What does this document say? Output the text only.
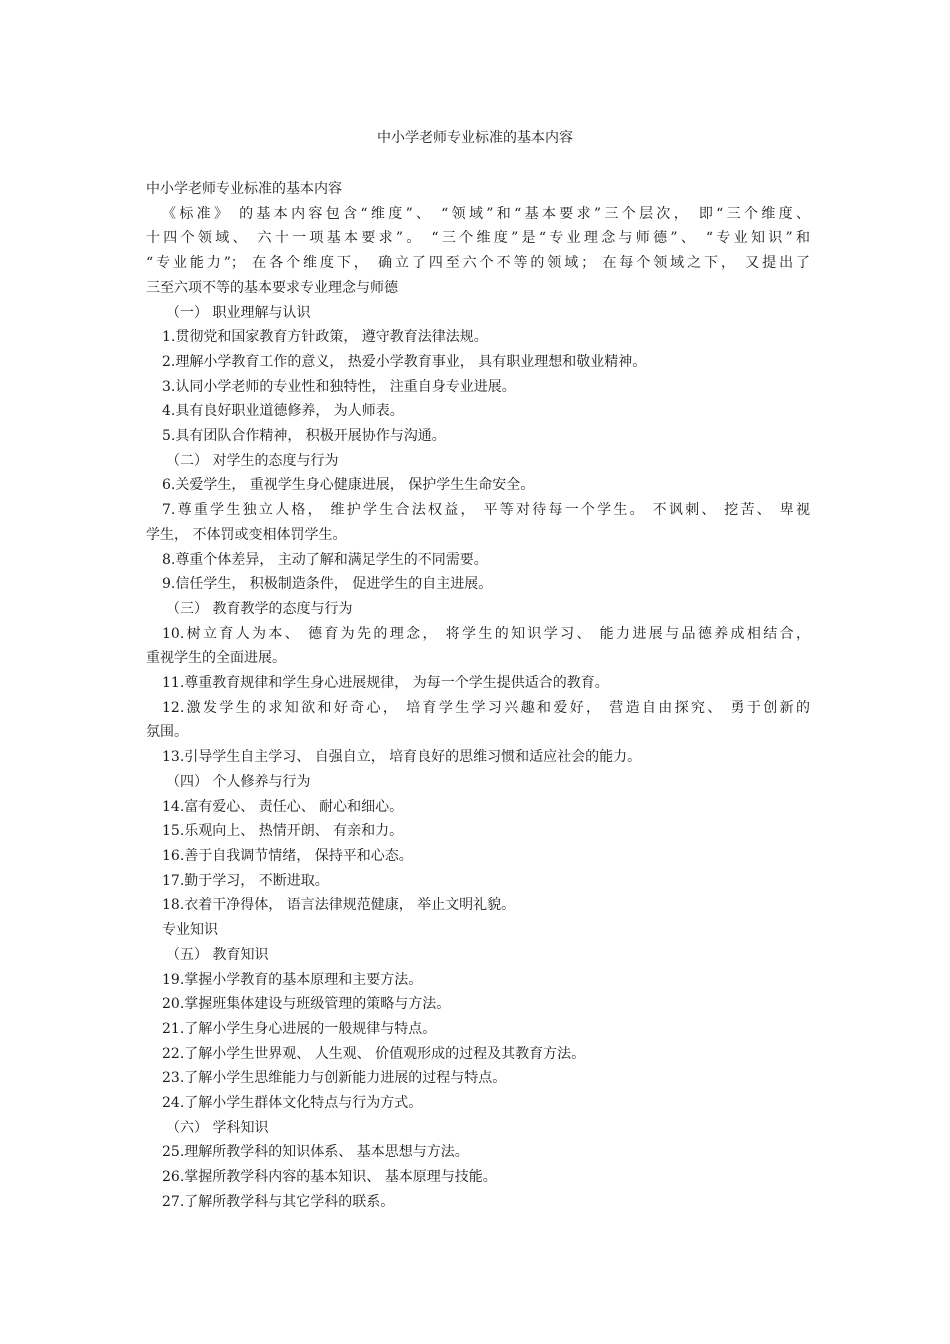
中小学老师专业标准的基本内容
中小学老师专业标准的基本内容
《标准》 的基本内容包含“维度”、 “领域”和“基本要求”三个层次， 即“三个维度、
十四个领域、 六十一项基本要求”。 “三个维度”是“专业理念与师德”、 “专业知识”和
“专业能力”； 在各个维度下， 确立了四至六个不等的领域； 在每个领域之下， 又提出了
三至六项不等的基本要求专业理念与师德
（一） 职业理解与认识
1.贯彻党和国家教育方针政策， 遵守教育法律法规。
2.理解小学教育工作的意义， 热爱小学教育事业， 具有职业理想和敬业精神。
3.认同小学老师的专业性和独特性， 注重自身专业进展。
4.具有良好职业道德修养， 为人师表。
5.具有团队合作精神， 积极开展协作与沟通。
（二） 对学生的态度与行为
6.关爱学生， 重视学生身心健康进展， 保护学生生命安全。
7.尊重学生独立人格， 维护学生合法权益， 平等对待每一个学生。 不讽刺、 挖苦、 卑视
学生， 不体罚或变相体罚学生。
8.尊重个体差异， 主动了解和满足学生的不同需要。
9.信任学生， 积极制造条件， 促进学生的自主进展。
（三） 教育教学的态度与行为
10.树立育人为本、 德育为先的理念， 将学生的知识学习、 能力进展与品德养成相结合，
重视学生的全面进展。
11.尊重教育规律和学生身心进展规律， 为每一个学生提供适合的教育。
12.激发学生的求知欲和好奇心， 培育学生学习兴趣和爱好， 营造自由探究、 勇于创新的
氛围。
13.引导学生自主学习、 自强自立， 培育良好的思维习惯和适应社会的能力。
（四） 个人修养与行为
14.富有爱心、 责任心、 耐心和细心。
15.乐观向上、 热情开朗、 有亲和力。
16.善于自我调节情绪， 保持平和心态。
17.勤于学习， 不断进取。
18.衣着干净得体， 语言法律规范健康， 举止文明礼貌。
专业知识
（五） 教育知识
19.掌握小学教育的基本原理和主要方法。
20.掌握班集体建设与班级管理的策略与方法。
21.了解小学生身心进展的一般规律与特点。
22.了解小学生世界观、 人生观、 价值观形成的过程及其教育方法。
23.了解小学生思维能力与创新能力进展的过程与特点。
24.了解小学生群体文化特点与行为方式。
（六） 学科知识
25.理解所教学科的知识体系、 基本思想与方法。
26.掌握所教学科内容的基本知识、 基本原理与技能。
27.了解所教学科与其它学科的联系。
